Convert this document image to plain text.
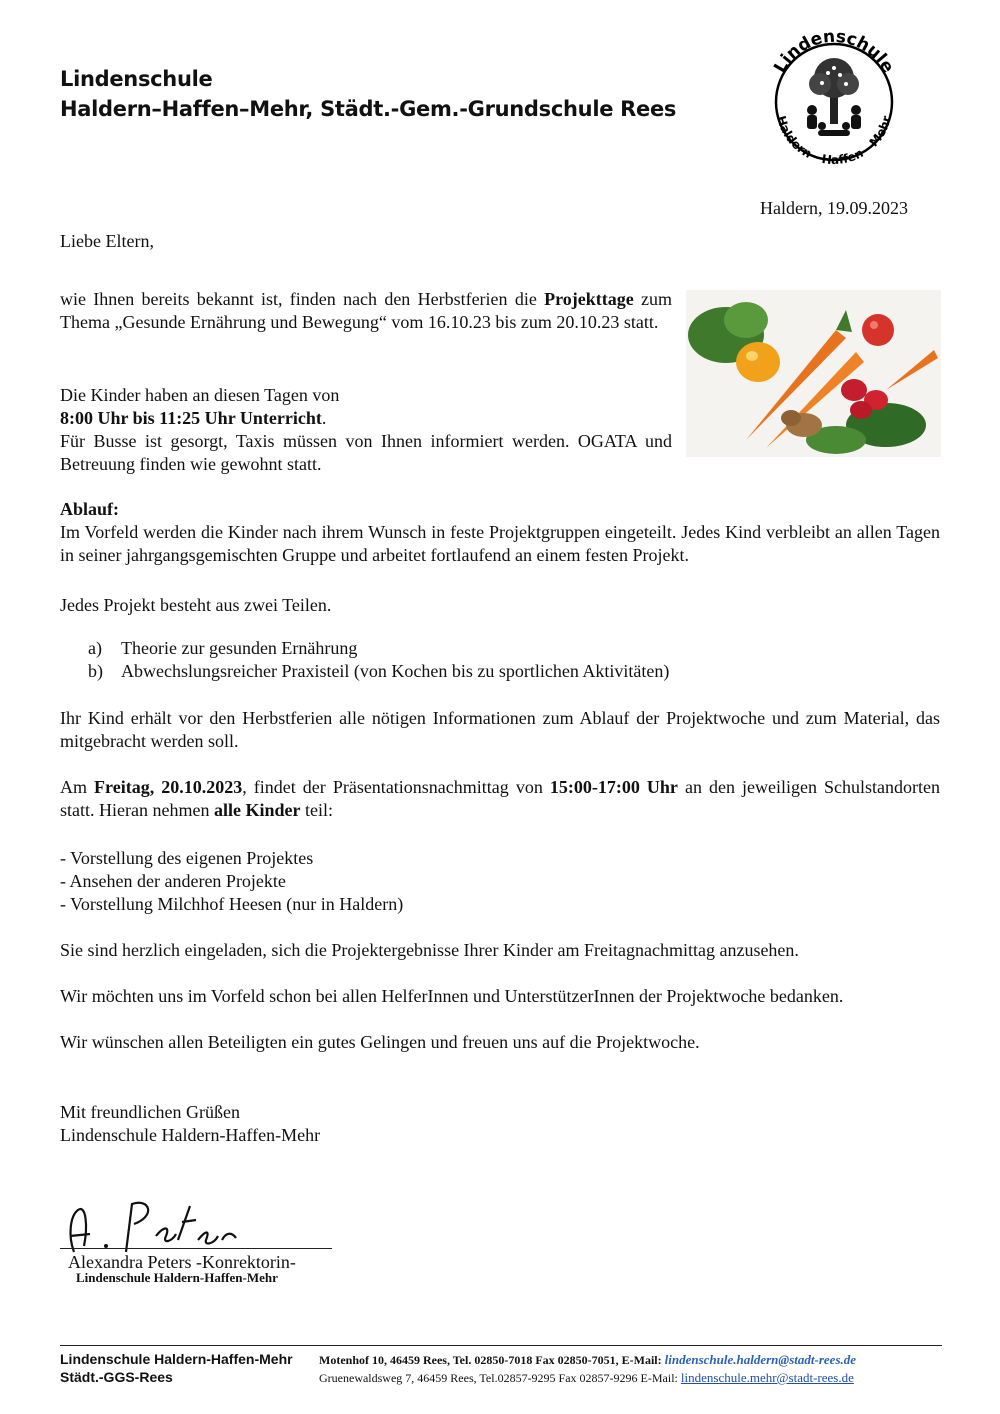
Lindenschule
Haldern–Haffen–Mehr, Städt.-Gem.-Grundschule Rees
Lindenschule
Haldern - Haffen - Mehr
Haldern, 19.09.2023
Liebe Eltern,
wie Ihnen bereits bekannt ist, finden nach den Herbstferien die Projekttage zum Thema „Gesunde Ernährung und Bewegung“ vom 16.10.23 bis zum 20.10.23 statt.
Die Kinder haben an diesen Tagen von
8:00 Uhr bis 11:25 Uhr Unterricht.
Für Busse ist gesorgt, Taxis müssen von Ihnen informiert werden. OGATA und Betreuung finden wie gewohnt statt.
Ablauf:
Im Vorfeld werden die Kinder nach ihrem Wunsch in feste Projektgruppen eingeteilt. Jedes Kind verbleibt an allen Tagen in seiner jahrgangsgemischten Gruppe und arbeitet fortlaufend an einem festen Projekt.
Jedes Projekt besteht aus zwei Teilen.
a)	Theorie zur gesunden Ernährung
b)	Abwechslungsreicher Praxisteil (von Kochen bis zu sportlichen Aktivitäten)
Ihr Kind erhält vor den Herbstferien alle nötigen Informationen zum Ablauf der Projektwoche und zum Material, das mitgebracht werden soll.
Am Freitag, 20.10.2023, findet der Präsentationsnachmittag von 15:00-17:00 Uhr an den jeweiligen Schulstandorten statt. Hieran nehmen alle Kinder teil:
- Vorstellung des eigenen Projektes
- Ansehen der anderen Projekte
- Vorstellung Milchhof Heesen (nur in Haldern)
Sie sind herzlich eingeladen, sich die Projektergebnisse Ihrer Kinder am Freitagnachmittag anzusehen.
Wir möchten uns im Vorfeld schon bei allen HelferInnen und UnterstützerInnen der Projektwoche bedanken.
Wir wünschen allen Beteiligten ein gutes Gelingen und freuen uns auf die Projektwoche.
Mit freundlichen Grüßen
Lindenschule Haldern-Haffen-Mehr
Alexandra Peters -Konrektorin-
Lindenschule Haldern-Haffen-Mehr
Lindenschule Haldern-Haffen-Mehr
Städt.-GGS-Rees
Motenhof 10, 46459 Rees, Tel. 02850-7018 Fax 02850-7051, E-Mail: lindenschule.haldern@stadt-rees.de
Gruenewaldsweg 7, 46459 Rees, Tel.02857-9295 Fax 02857-9296 E-Mail: lindenschule.mehr@stadt-rees.de
